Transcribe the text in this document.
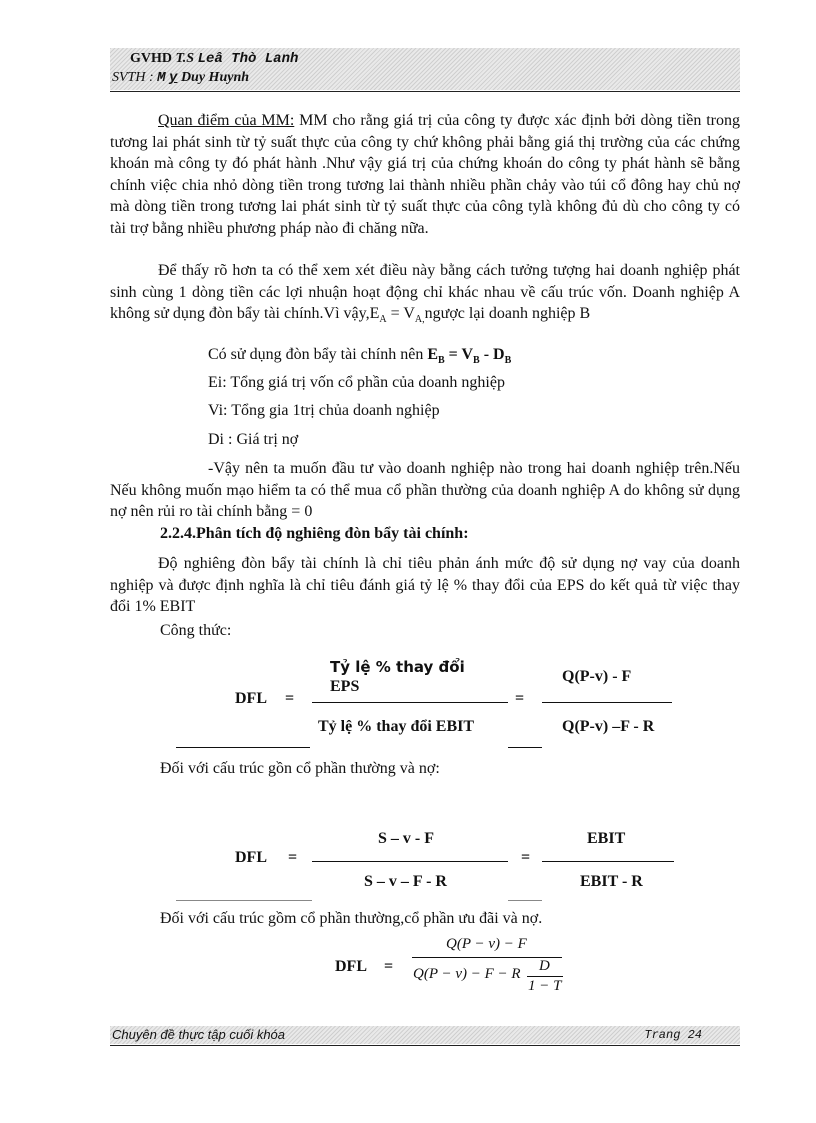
GVHD T.S Leâ Thò Lanh
SVTH : M y Duy Huynh
Quan điểm của MM: MM cho rằng giá trị của công ty được xác định bởi dòng tiền trong tương lai phát sinh từ tỷ suất thực của công ty chứ không phải bằng giá thị trường của các chứng khoán mà công ty đó phát hành .Như vậy giá trị của chứng khoán do công ty phát hành sẽ bằng chính việc chia nhỏ dòng tiền trong tương lai thành nhiều phần chảy vào túi cổ đông hay chủ nợ mà dòng tiền trong tương lai phát sinh từ tỷ suất thực của công tylà không đủ dù cho công ty có tài trợ bằng nhiều phương pháp nào đi chăng nữa.
Để thấy rõ hơn ta có thể xem xét điều này bằng cách tưởng tượng hai doanh nghiệp phát sinh cùng 1 dòng tiền các lợi nhuận hoạt động chỉ khác nhau về cấu trúc vốn. Doanh nghiệp A không sử dụng đòn bẩy tài chính.Vì $vậy,E_A$ = $V_{A,}ngược$ lại doanh nghiệp B
Có sử dụng đòn bẩy tài chính nên $E_B = V_B - D_B$
Ei: Tổng giá trị vốn cổ phần của doanh nghiệp
Vi: Tổng gia 1trị chủa doanh nghiệp
Di : Giá trị nợ
-Vậy nên ta muốn đầu tư vào doanh nghiệp nào trong hai doanh nghiệp trên.Nếu Nếu không muốn mạo hiểm ta có thể mua cổ phần thường của doanh nghiệp A do không sử dụng nợ nên rủi ro tài chính bằng = 0
2.2.4.Phân tích độ nghiêng đòn bẩy tài chính:
Độ nghiêng đòn bẩy tài chính là chỉ tiêu phản ánh mức độ sử dụng nợ vay của doanh nghiệp và được định nghĩa là chỉ tiêu đánh giá tỷ lệ % thay đổi của EPS do kết quả từ việc thay đổi 1% EBIT
Công thức:
DFL =
Tỷ lệ % thay đổi
EPS
Tỷ lệ % thay đổi EBIT
=
Q(P-v) - F
Q(P-v) –F - R
Đối với cấu trúc gồn cổ phần thường và nợ:
DFL =
S – v - F
S – v – F - R
=
EBIT
EBIT - R
Đối với cấu trúc gồm cổ phần thường,cổ phần ưu đãi và nợ.
DFL =
Q(P − v) − F
Q(P − v) − F − R D
1 − T
Chuyên đề thực tập cuối khóa	Trang 24
